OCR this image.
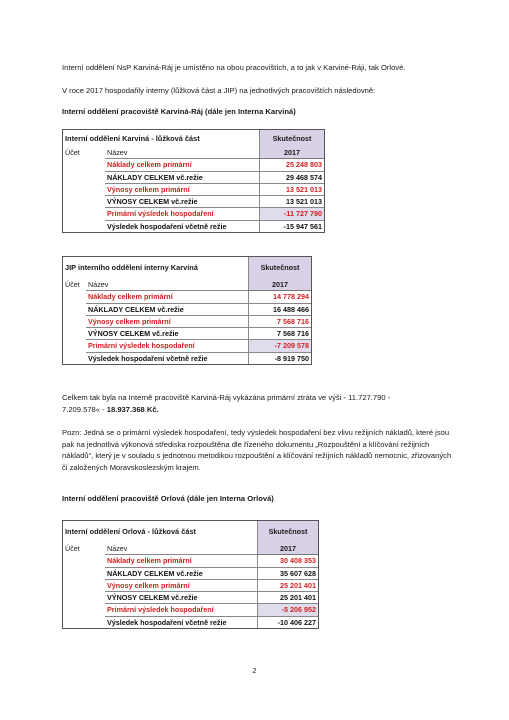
Interní oddělení NsP Karviná-Ráj je umístěno na obou pracovištích, a to jak v Karviné-Ráji, tak Orlové.
V roce 2017 hospodařily interny (lůžková část a JIP) na jednotlivých pracovištích následovně:
Interní oddělení pracoviště Karviná-Ráj (dále jen Interna Karviná)
Interní oddělení Karviná - lůžková část		Skutečnost
Účet	Název	2017
	Náklady celkem primární	25 248 803
	NÁKLADY CELKEM vč.režie	29 468 574
	Výnosy celkem primární	13 521 013
	VÝNOSY CELKEM vč.režie	13 521 013
	Primární výsledek hospodaření	-11 727 790
	Výsledek hospodaření včetně režie	-15 947 561
JIP interního oddělení interny Karviná		Skutečnost
Účet	Název	2017
	Náklady celkem primární	14 778 294
	NÁKLADY CELKEM vč.režie	16 488 466
	Výnosy celkem primární	7 568 716
	VÝNOSY CELKEM vč.režie	7 568 716
	Primární výsledek hospodaření	-7 209 578
	Výsledek hospodaření včetně režie	-8 919 750
Celkem tak byla na Interně pracoviště Karviná-Ráj vykázána primární ztráta ve výši - 11.727.790 -
7.209.578« - 18.937.368 Kč.
Pozn: Jedná se o primární výsledek hospodaření, tedy výsledek hospodaření bez vlivu režijních nákladů, které jsou pak na jednotlivá výkonová střediska rozpouštěna dle řízeného dokumentu „Rozpouštění a klíčování režijních nákladů“, který je v souladu s jednotnou metodikou rozpouštění a klíčování režijních nákladů nemocnic, zřizovaných či založených Moravskoslezským krajem.
Interní oddělení pracoviště Orlová (dále jen Interna Orlová)
Interní oddělení Orlová - lůžková část		Skutečnost
Účet	Název	2017
	Náklady celkem primární	30 408 353
	NÁKLADY CELKEM vč.režie	35 607 628
	Výnosy celkem primární	25 201 401
	VÝNOSY CELKEM vč.režie	25 201 401
	Primární výsledek hospodaření	-5 206 952
	Výsledek hospodaření včetně režie	-10 406 227
2
